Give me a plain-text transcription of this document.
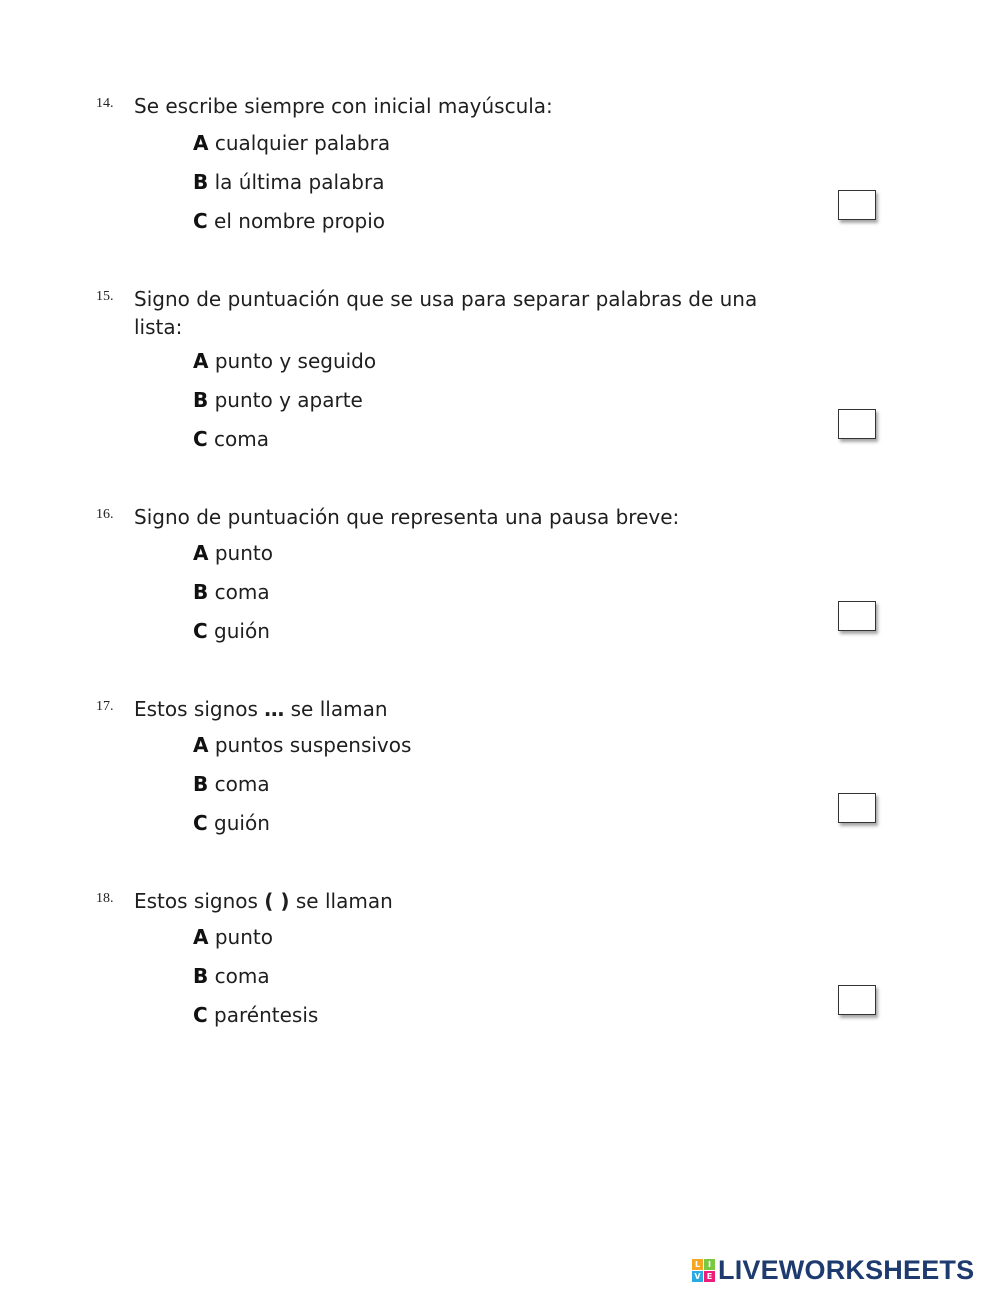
14. Se escribe siempre con inicial mayúscula:
A cualquier palabra
B la última palabra
C el nombre propio
15. Signo de puntuación que se usa para separar palabras de una lista:
A punto y seguido
B punto y aparte
C coma
16. Signo de puntuación que representa una pausa breve:
A punto
B coma
C guión
17. Estos signos … se llaman
A puntos suspensivos
B coma
C guión
18. Estos signos ( ) se llaman
A punto
B coma
C paréntesis
L I
V E LIVEWORKSHEETS
